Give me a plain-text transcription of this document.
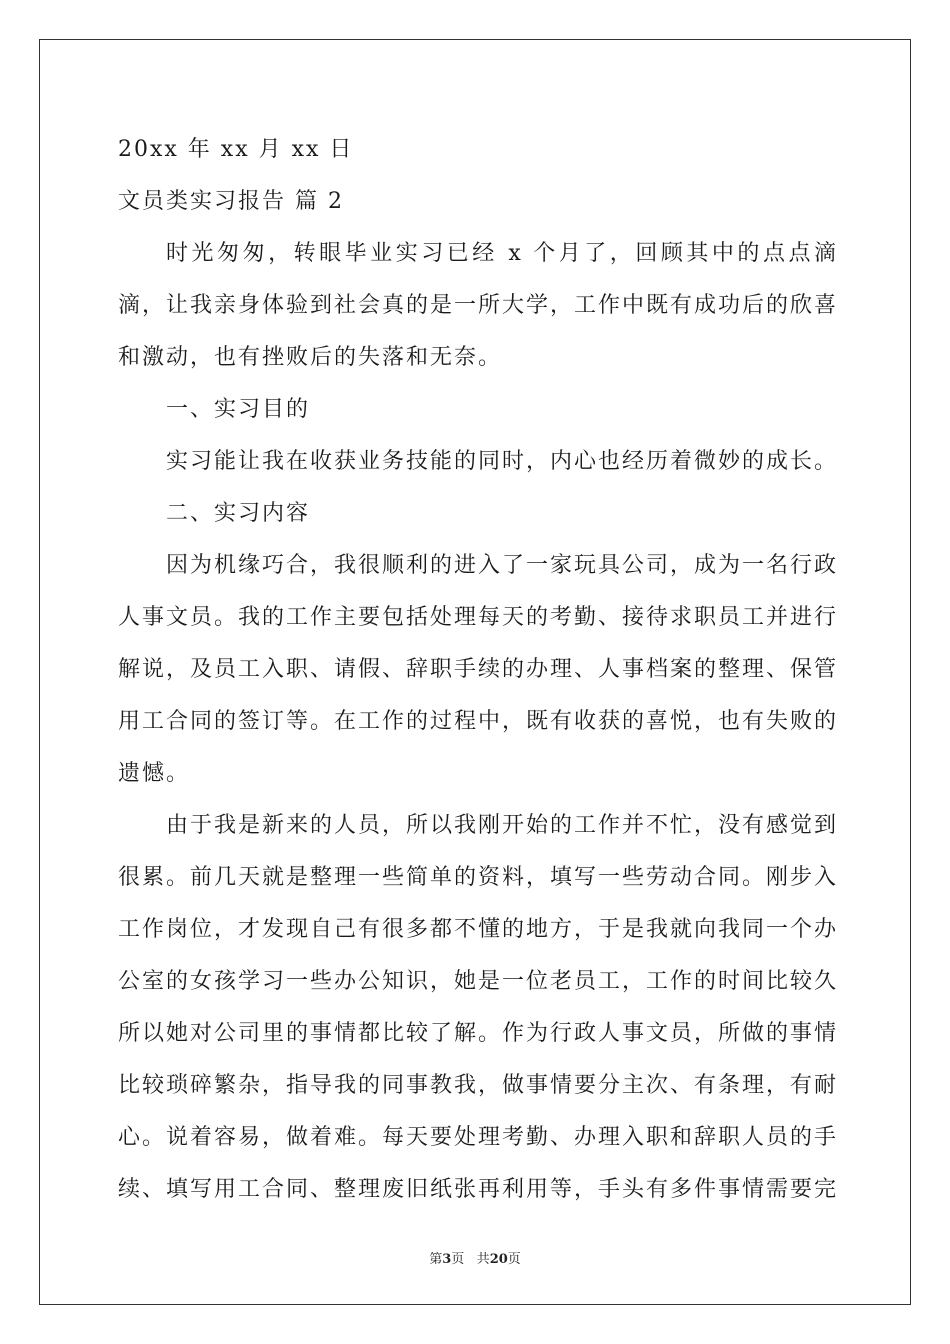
20xx 年 xx 月 xx 日
文员类实习报告 篇 2

时光匆匆，转眼毕业实习已经 x 个月了，回顾其中的点点滴滴，让我亲身体验到社会真的是一所大学，工作中既有成功后的欣喜和激动，也有挫败后的失落和无奈。

一、实习目的

实习能让我在收获业务技能的同时，内心也经历着微妙的成长。

二、实习内容

因为机缘巧合，我很顺利的进入了一家玩具公司，成为一名行政人事文员。我的工作主要包括处理每天的考勤、接待求职员工并进行解说，及员工入职、请假、辞职手续的办理、人事档案的整理、保管用工合同的签订等。在工作的过程中，既有收获的喜悦，也有失败的遗憾。

由于我是新来的人员，所以我刚开始的工作并不忙，没有感觉到很累。前几天就是整理一些简单的资料，填写一些劳动合同。刚步入工作岗位，才发现自己有很多都不懂的地方，于是我就向我同一个办公室的女孩学习一些办公知识，她是一位老员工，工作的时间比较久所以她对公司里的事情都比较了解。作为行政人事文员，所做的事情比较琐碎繁杂，指导我的同事教我，做事情要分主次、有条理，有耐心。说着容易，做着难。每天要处理考勤、办理入职和辞职人员的手续、填写用工合同、整理废旧纸张再利用等，手头有多件事情需要完

第3页 共20页
